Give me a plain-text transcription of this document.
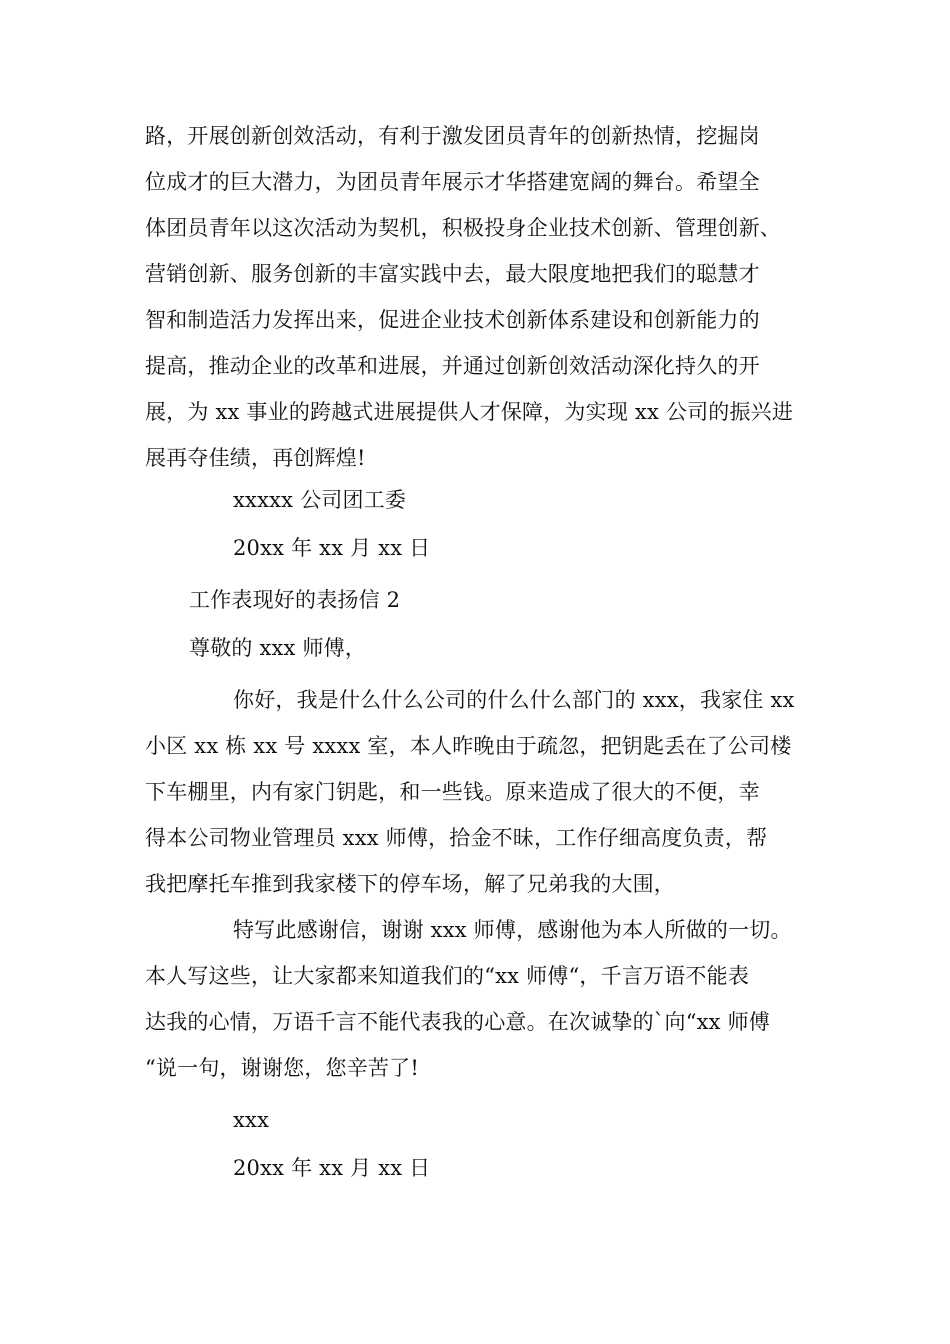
路，开展创新创效活动，有利于激发团员青年的创新热情，挖掘岗
位成才的巨大潜力，为团员青年展示才华搭建宽阔的舞台。希望全
体团员青年以这次活动为契机，积极投身企业技术创新、管理创新、
营销创新、服务创新的丰富实践中去，最大限度地把我们的聪慧才
智和制造活力发挥出来，促进企业技术创新体系建设和创新能力的
提高，推动企业的改革和进展，并通过创新创效活动深化持久的开
展，为 xx 事业的跨越式进展提供人才保障，为实现 xx 公司的振兴进
展再夺佳绩，再创辉煌!
xxxxx 公司团工委
20xx 年 xx 月 xx 日
工作表现好的表扬信 2
尊敬的 xxx 师傅，
你好，我是什么什么公司的什么什么部门的 xxx，我家住 xx
小区 xx 栋 xx 号 xxxx 室，本人昨晚由于疏忽，把钥匙丢在了公司楼
下车棚里，内有家门钥匙，和一些钱。原来造成了很大的不便，幸
得本公司物业管理员 xxx 师傅，拾金不昧，工作仔细高度负责，帮
我把摩托车推到我家楼下的停车场，解了兄弟我的大围，
特写此感谢信，谢谢 xxx 师傅，感谢他为本人所做的一切。
本人写这些，让大家都来知道我们的“xx 师傅“，千言万语不能表
达我的心情，万语千言不能代表我的心意。在次诚挚的`向“xx 师傅
“说一句，谢谢您，您辛苦了!
xxx
20xx 年 xx 月 xx 日
